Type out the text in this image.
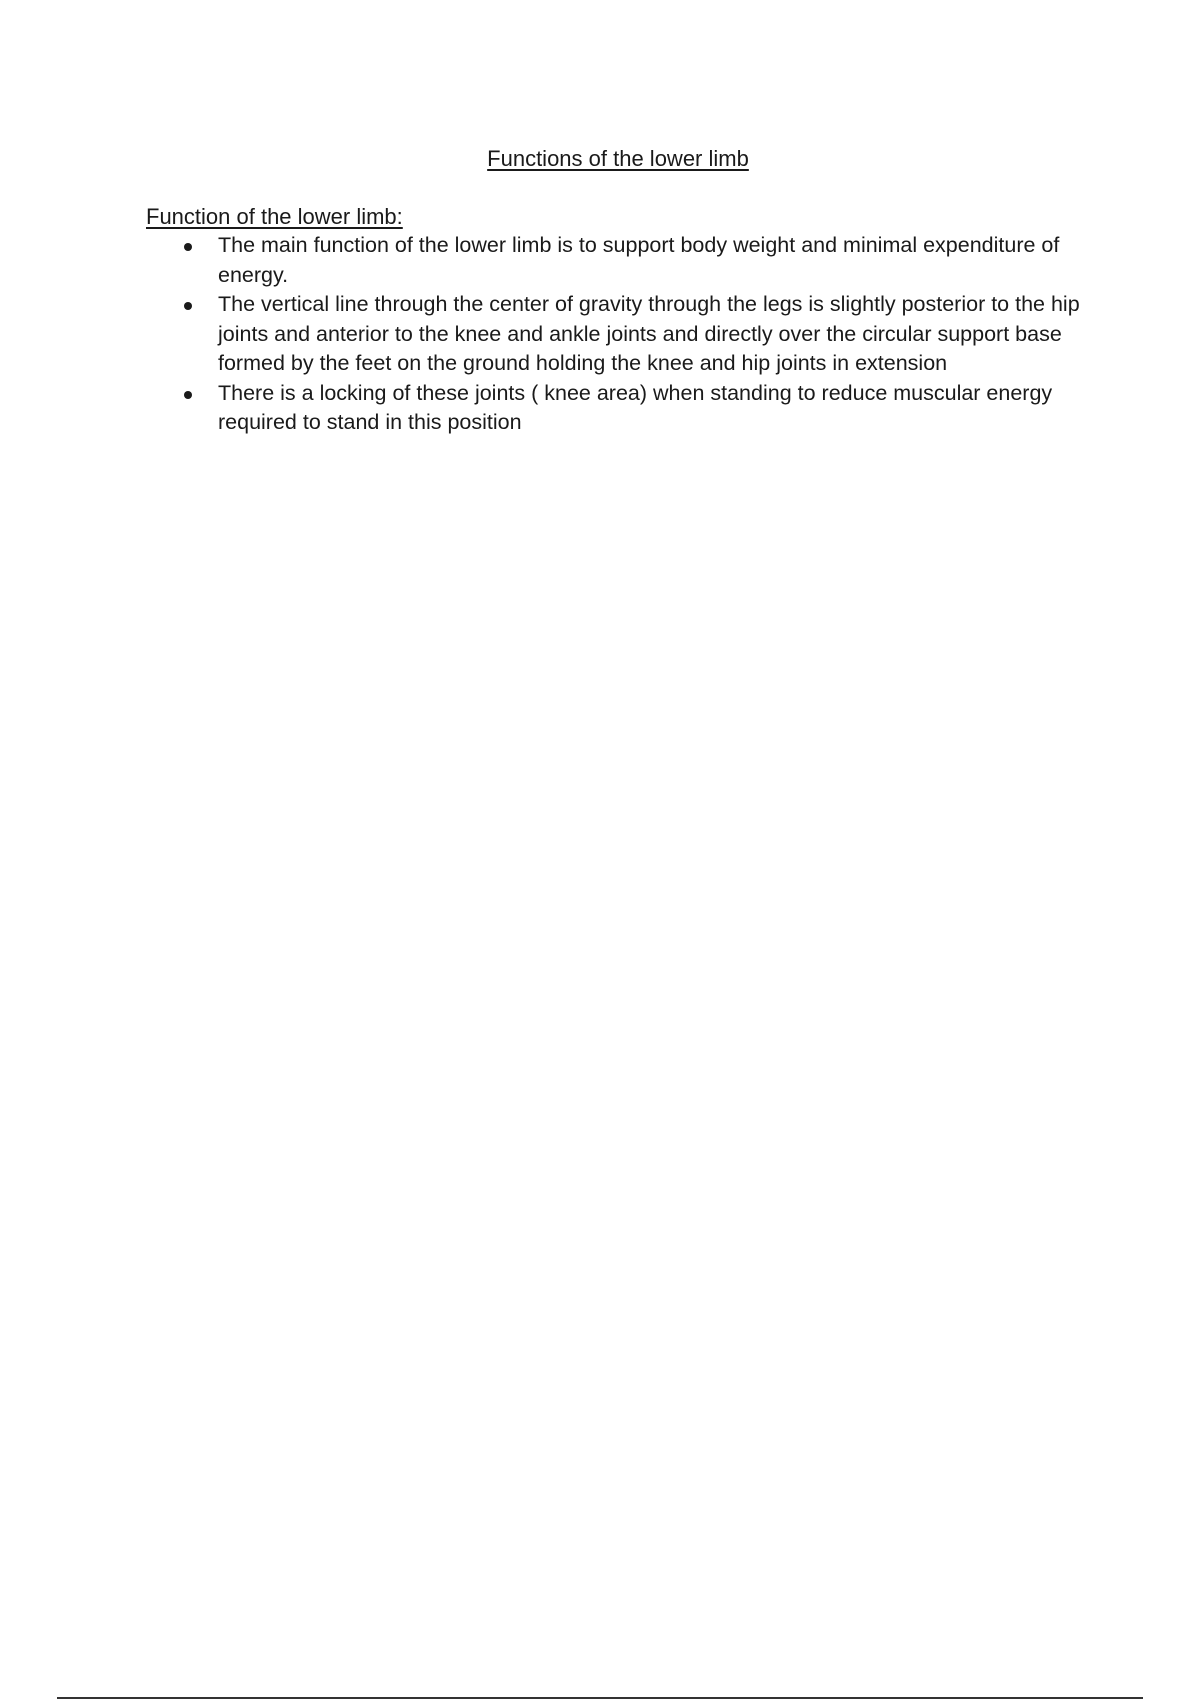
Functions of the lower limb
Function of the lower limb:
The main function of the lower limb is to support body weight and minimal expenditure of energy.
The vertical line through the center of gravity through the legs is slightly posterior to the hip joints and anterior to the knee and ankle joints and directly over the circular support base formed by the feet on the ground holding the knee and hip joints in extension
There is a locking of these joints ( knee area) when standing to reduce muscular energy required to stand in this position
